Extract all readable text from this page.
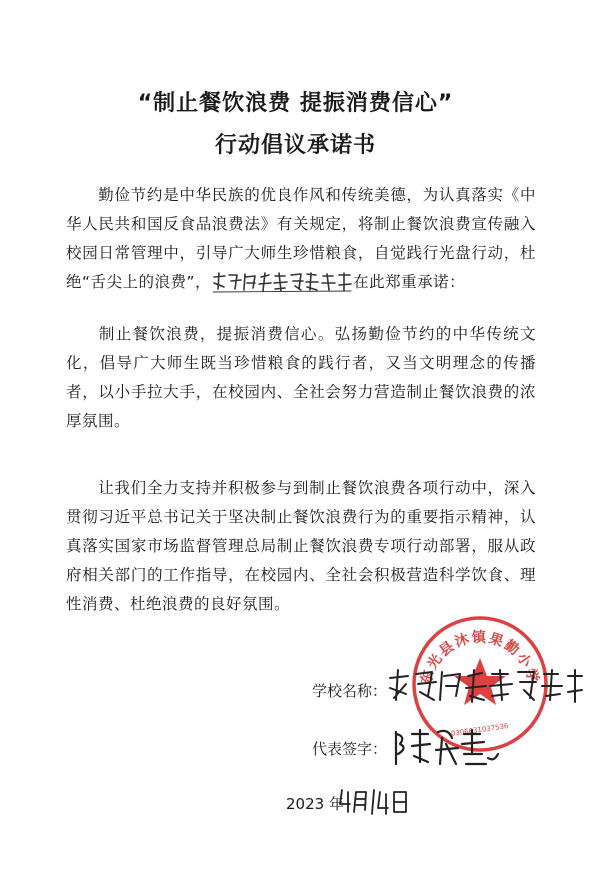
“制止餐饮浪费 提振消费信心”
行动倡议承诺书
勤俭节约是中华民族的优良作风和传统美德，为认真落实《中华人民共和国反食品浪费法》有关规定，将制止餐饮浪费宣传融入校园日常管理中，引导广大师生珍惜粮食，自觉践行光盘行动，杜绝“舌尖上的浪费”，	在此郑重承诺：
制止餐饮浪费，提振消费信心。弘扬勤俭节约的中华传统文化，倡导广大师生既当珍惜粮食的践行者，又当文明理念的传播者，以小手拉大手，在校园内、全社会努力营造制止餐饮浪费的浓厚氛围。
让我们全力支持并积极参与到制止餐饮浪费各项行动中，深入贯彻习近平总书记关于坚决制止餐饮浪费行为的重要指示精神，认真落实国家市场监督管理总局制止餐饮浪费专项行动部署，服从政府相关部门的工作指导，在校园内、全社会积极营造科学饮食、理性消费、杜绝浪费的良好氛围。
东光县沐镇果勤小学
0306631037536
学校名称：
代表签字：
2023 年
